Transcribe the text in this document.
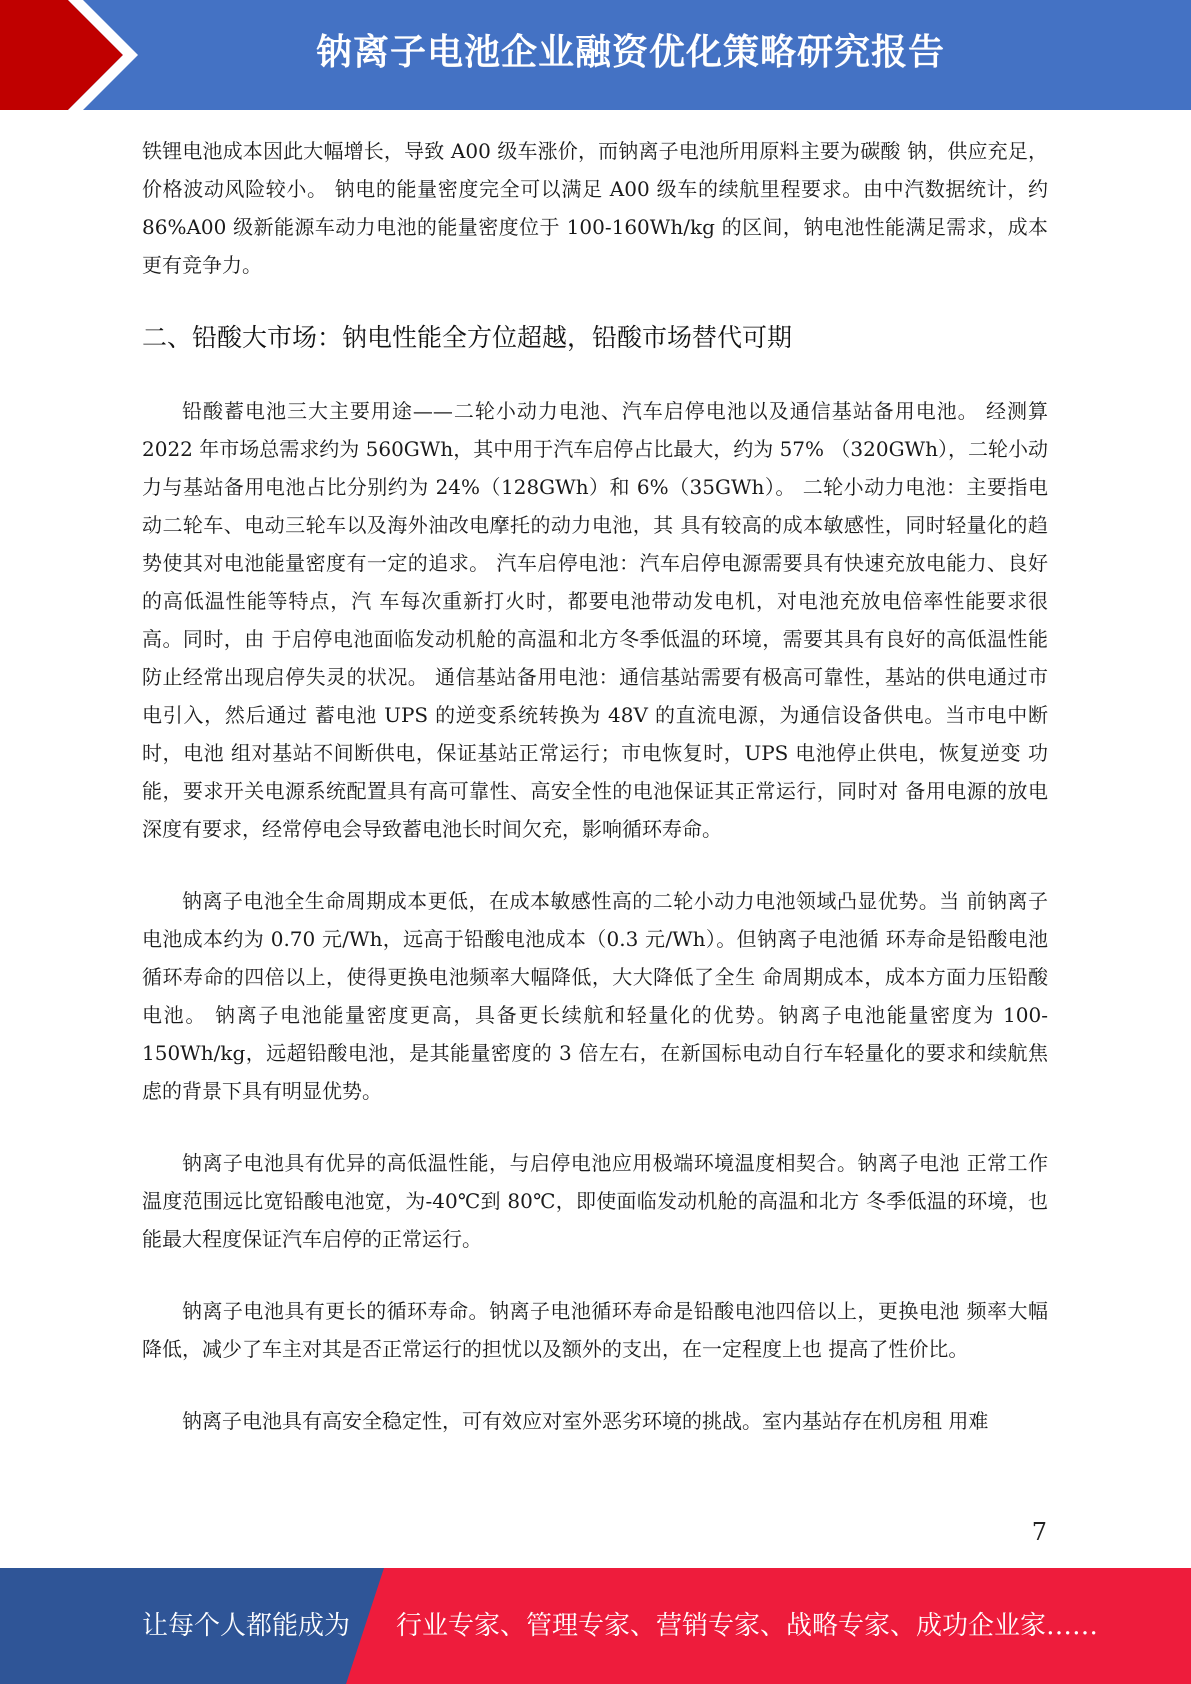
钠离子电池企业融资优化策略研究报告

铁锂电池成本因此大幅增长，导致 A00 级车涨价，而钠离子电池所用原料主要为碳酸 钠，供应充足，价格波动风险较小。 钠电的能量密度完全可以满足 A00 级车的续航里程要求。由中汽数据统计，约 86%A00 级新能源车动力电池的能量密度位于 100-160Wh/kg 的区间，钠电池性能满足需求，成本 更有竞争力。

二、铅酸大市场：钠电性能全方位超越，铅酸市场替代可期

铅酸蓄电池三大主要用途——二轮小动力电池、汽车启停电池以及通信基站备用电池。 经测算 2022 年市场总需求约为 560GWh，其中用于汽车启停占比最大，约为 57% （320GWh），二轮小动力与基站备用电池占比分别约为 24%（128GWh）和 6%（35GWh）。 二轮小动力电池：主要指电动二轮车、电动三轮车以及海外油改电摩托的动力电池，其 具有较高的成本敏感性，同时轻量化的趋势使其对电池能量密度有一定的追求。 汽车启停电池：汽车启停电源需要具有快速充放电能力、良好的高低温性能等特点，汽 车每次重新打火时，都要电池带动发电机，对电池充放电倍率性能要求很高。同时，由 于启停电池面临发动机舱的高温和北方冬季低温的环境，需要其具有良好的高低温性能防止经常出现启停失灵的状况。 通信基站备用电池：通信基站需要有极高可靠性，基站的供电通过市电引入，然后通过 蓄电池 UPS 的逆变系统转换为 48V 的直流电源，为通信设备供电。当市电中断时，电池 组对基站不间断供电，保证基站正常运行；市电恢复时，UPS 电池停止供电，恢复逆变 功能，要求开关电源系统配置具有高可靠性、高安全性的电池保证其正常运行，同时对 备用电源的放电深度有要求，经常停电会导致蓄电池长时间欠充，影响循环寿命。

钠离子电池全生命周期成本更低，在成本敏感性高的二轮小动力电池领域凸显优势。当 前钠离子电池成本约为 0.70 元/Wh，远高于铅酸电池成本（0.3 元/Wh）。但钠离子电池循 环寿命是铅酸电池循环寿命的四倍以上，使得更换电池频率大幅降低，大大降低了全生 命周期成本，成本方面力压铅酸电池。 钠离子电池能量密度更高，具备更长续航和轻量化的优势。钠离子电池能量密度为 100-150Wh/kg，远超铅酸电池，是其能量密度的 3 倍左右，在新国标电动自行车轻量化的要求和续航焦虑的背景下具有明显优势。

钠离子电池具有优异的高低温性能，与启停电池应用极端环境温度相契合。钠离子电池 正常工作温度范围远比宽铅酸电池宽，为-40℃到 80℃，即使面临发动机舱的高温和北方 冬季低温的环境，也能最大程度保证汽车启停的正常运行。

钠离子电池具有更长的循环寿命。钠离子电池循环寿命是铅酸电池四倍以上，更换电池 频率大幅降低，减少了车主对其是否正常运行的担忧以及额外的支出，在一定程度上也 提高了性价比。

钠离子电池具有高安全稳定性，可有效应对室外恶劣环境的挑战。室内基站存在机房租 用难

7
让每个人都能成为 行业专家、管理专家、营销专家、战略专家、成功企业家……
